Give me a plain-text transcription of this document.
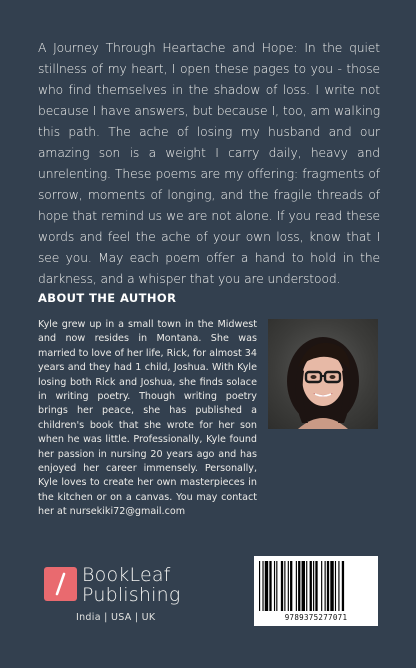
A Journey Through Heartache and Hope: In the quiet stillness of my heart, I open these pages to you - those who find themselves in the shadow of loss. I write not because I have answers, but because I, too, am walking this path. The ache of losing my husband and our amazing son is a weight I carry daily, heavy and unrelenting. These poems are my offering: fragments of sorrow, moments of longing, and the fragile threads of hope that remind us we are not alone. If you read these words and feel the ache of your own loss, know that I see you. May each poem offer a hand to hold in the darkness, and a whisper that you are understood.
ABOUT THE AUTHOR
Kyle grew up in a small town in the Midwest and now resides in Montana. She was married to love of her life, Rick, for almost 34 years and they had 1 child, Joshua. With Kyle losing both Rick and Joshua, she finds solace in writing poetry. Though writing poetry brings her peace, she has published a children's book that she wrote for her son when he was little. Professionally, Kyle found her passion in nursing 20 years ago and has enjoyed her career immensely. Personally, Kyle loves to create her own masterpieces in the kitchen or on a canvas. You may contact her at nursekiki72@gmail.com
BookLeaf
Publishing
India | USA | UK	9789375277071
